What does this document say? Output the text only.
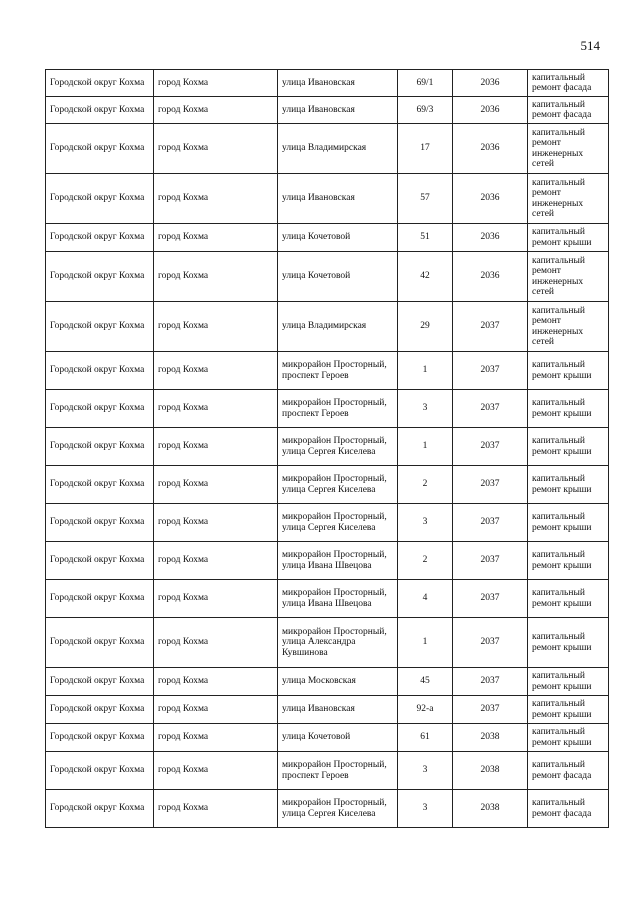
514
Городской округ Кохма	город Кохма	улица Ивановская	69/1	2036	капитальный ремонт фасада
Городской округ Кохма	город Кохма	улица Ивановская	69/3	2036	капитальный ремонт фасада
Городской округ Кохма	город Кохма	улица Владимирская	17	2036	капитальный ремонт инженерных сетей
Городской округ Кохма	город Кохма	улица Ивановская	57	2036	капитальный ремонт инженерных сетей
Городской округ Кохма	город Кохма	улица Кочетовой	51	2036	капитальный ремонт крыши
Городской округ Кохма	город Кохма	улица Кочетовой	42	2036	капитальный ремонт инженерных сетей
Городской округ Кохма	город Кохма	улица Владимирская	29	2037	капитальный ремонт инженерных сетей
Городской округ Кохма	город Кохма	микрорайон Просторный, проспект Героев	1	2037	капитальный ремонт крыши
Городской округ Кохма	город Кохма	микрорайон Просторный, проспект Героев	3	2037	капитальный ремонт крыши
Городской округ Кохма	город Кохма	микрорайон Просторный, улица Сергея Киселева	1	2037	капитальный ремонт крыши
Городской округ Кохма	город Кохма	микрорайон Просторный, улица Сергея Киселева	2	2037	капитальный ремонт крыши
Городской округ Кохма	город Кохма	микрорайон Просторный, улица Сергея Киселева	3	2037	капитальный ремонт крыши
Городской округ Кохма	город Кохма	микрорайон Просторный, улица Ивана Швецова	2	2037	капитальный ремонт крыши
Городской округ Кохма	город Кохма	микрорайон Просторный, улица Ивана Швецова	4	2037	капитальный ремонт крыши
Городской округ Кохма	город Кохма	микрорайон Просторный, улица Александра Кувшинова	1	2037	капитальный ремонт крыши
Городской округ Кохма	город Кохма	улица Московская	45	2037	капитальный ремонт крыши
Городской округ Кохма	город Кохма	улица Ивановская	92-а	2037	капитальный ремонт крыши
Городской округ Кохма	город Кохма	улица Кочетовой	61	2038	капитальный ремонт крыши
Городской округ Кохма	город Кохма	микрорайон Просторный, проспект Героев	3	2038	капитальный ремонт фасада
Городской округ Кохма	город Кохма	микрорайон Просторный, улица Сергея Киселева	3	2038	капитальный ремонт фасада
